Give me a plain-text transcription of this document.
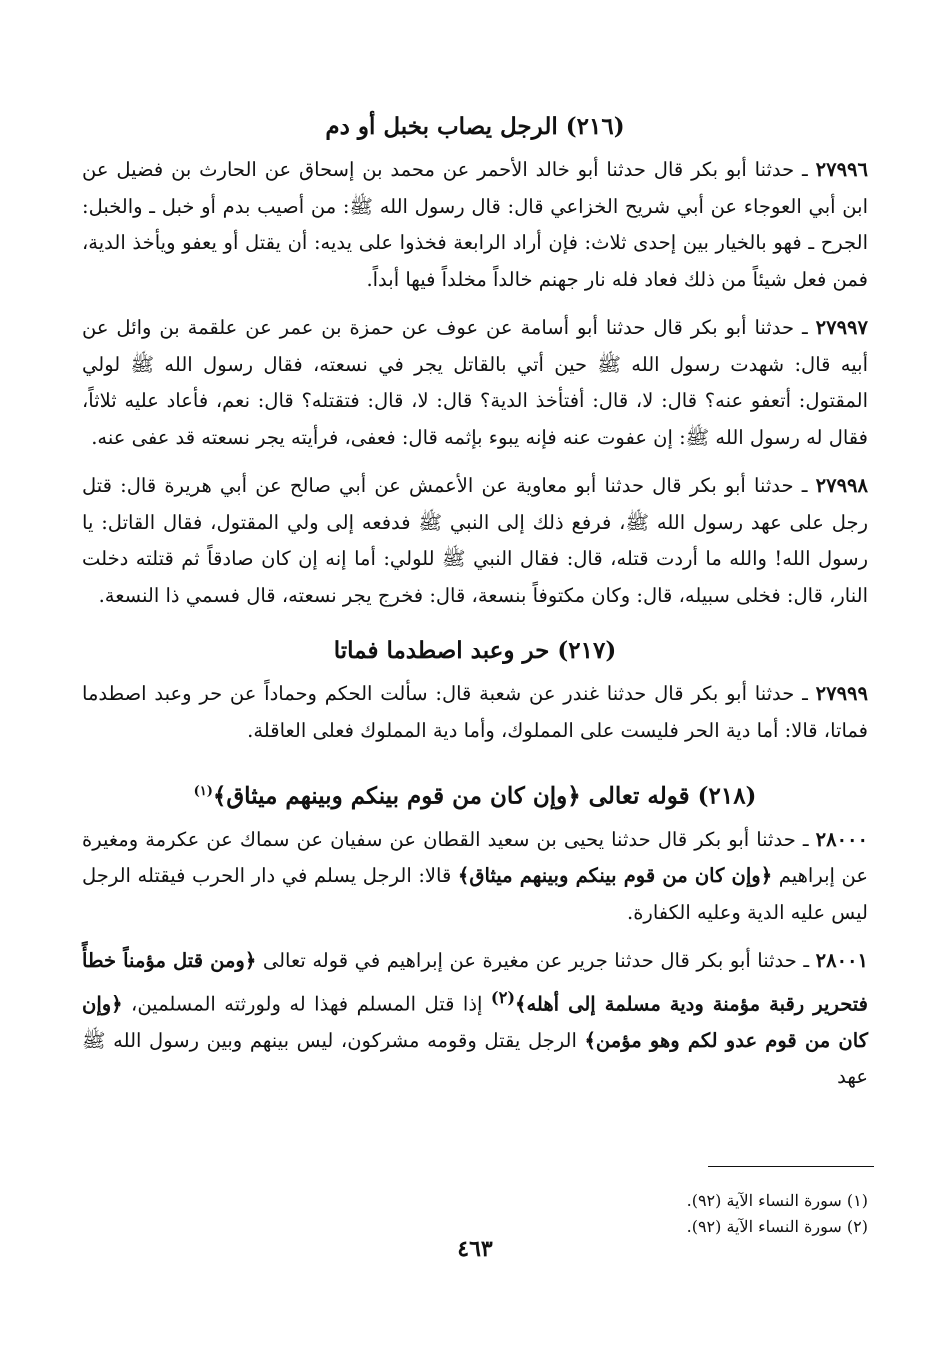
(٢١٦) الرجل يصاب بخبل أو دم

٢٧٩٩٦ ـ حدثنا أبو بكر قال حدثنا أبو خالد الأحمر عن محمد بن إسحاق عن الحارث بن فضيل عن ابن أبي العوجاء عن أبي شريح الخزاعي قال: قال رسول الله ﷺ: من أصيب بدم أو خبل ـ والخبل: الجرح ـ فهو بالخيار بين إحدى ثلاث: فإن أراد الرابعة فخذوا على يديه: أن يقتل أو يعفو ويأخذ الدية، فمن فعل شيئاً من ذلك فعاد فله نار جهنم خالداً مخلداً فيها أبداً.

٢٧٩٩٧ ـ حدثنا أبو بكر قال حدثنا أبو أسامة عن عوف عن حمزة بن عمر عن علقمة بن وائل عن أبيه قال: شهدت رسول الله ﷺ حين أتي بالقاتل يجر في نسعته، فقال رسول الله ﷺ لولي المقتول: أتعفو عنه؟ قال: لا، قال: أفتأخذ الدية؟ قال: لا، قال: فتقتله؟ قال: نعم، فأعاد عليه ثلاثاً، فقال له رسول الله ﷺ: إن عفوت عنه فإنه يبوء بإثمه قال: فعفى، فرأيته يجر نسعته قد عفى عنه.

٢٧٩٩٨ ـ حدثنا أبو بكر قال حدثنا أبو معاوية عن الأعمش عن أبي صالح عن أبي هريرة قال: قتل رجل على عهد رسول الله ﷺ، فرفع ذلك إلى النبي ﷺ فدفعه إلى ولي المقتول، فقال القاتل: يا رسول الله! والله ما أردت قتله، قال: فقال النبي ﷺ للولي: أما إنه إن كان صادقاً ثم قتلته دخلت النار، قال: فخلى سبيله، قال: وكان مكتوفاً بنسعة، قال: فخرج يجر نسعته، قال فسمي ذا النسعة.

(٢١٧) حر وعبد اصطدما فماتا

٢٧٩٩٩ ـ حدثنا أبو بكر قال حدثنا غندر عن شعبة قال: سألت الحكم وحماداً عن حر وعبد اصطدما فماتا، قالا: أما دية الحر فليست على المملوك، وأما دية المملوك فعلى العاقلة.

(٢١٨) قوله تعالى ﴿وإن كان من قوم بينكم وبينهم ميثاق﴾$^{(١)}$

٢٨٠٠٠ ـ حدثنا أبو بكر قال حدثنا يحيى بن سعيد القطان عن سفيان عن سماك عن عكرمة ومغيرة عن إبراهيم ﴿وإن كان من قوم بينكم وبينهم ميثاق﴾ قالا: الرجل يسلم في دار الحرب فيقتله الرجل ليس عليه الدية وعليه الكفارة.

٢٨٠٠١ ـ حدثنا أبو بكر قال حدثنا جرير عن مغيرة عن إبراهيم في قوله تعالى ﴿ومن قتل مؤمناً خطأً فتحرير رقبة مؤمنة ودية مسلمة إلى أهله﴾$^{(٢)}$ إذا قتل المسلم فهذا له ولورثته المسلمين، ﴿وإن كان من قوم عدو لكم وهو مؤمن﴾ الرجل يقتل وقومه مشركون، ليس بينهم وبين رسول الله ﷺ عهد

(١) سورة النساء الآية (٩٢).
(٢) سورة النساء الآية (٩٢).
٤٦٣
